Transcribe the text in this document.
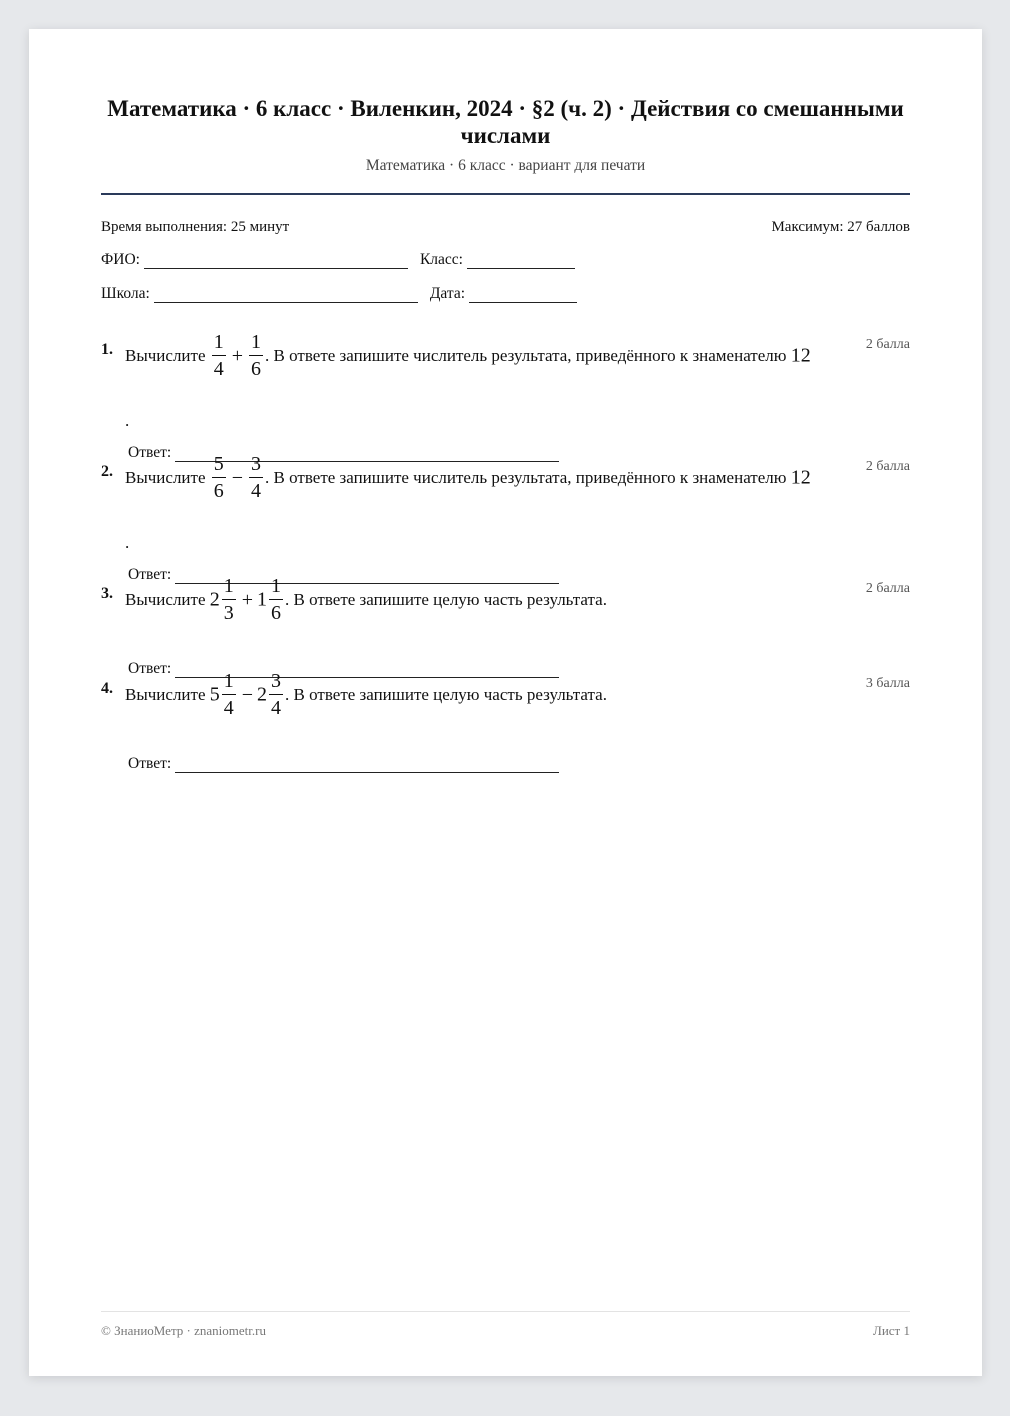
Математика · 6 класс · Виленкин, 2024 · §2 (ч. 2) · Действия со смешанными числами
Математика · 6 класс · вариант для печати
Время выполнения: 25 минут	Максимум: 27 баллов
ФИО:	Класс:
Школа:	Дата:
1.	2 балла
Вычислите $\frac{1}{4} + \frac{1}{6}$ . В ответе запишите числитель результата, приведённого к знаменателю 12
.
Ответ:
2.	2 балла
Вычислите $\frac{5}{6} - \frac{3}{4}$ . В ответе запишите числитель результата, приведённого к знаменателю 12
.
Ответ:
3.	2 балла
Вычислите $2 \frac{1}{3} + 1 \frac{1}{6}$ . В ответе запишите целую часть результата.
Ответ:
4.	3 балла
Вычислите $5 \frac{1}{4} - 2 \frac{3}{4}$ . В ответе запишите целую часть результата.
Ответ:
© ЗнаниоМетр · znaniometr.ru	Лист 1
